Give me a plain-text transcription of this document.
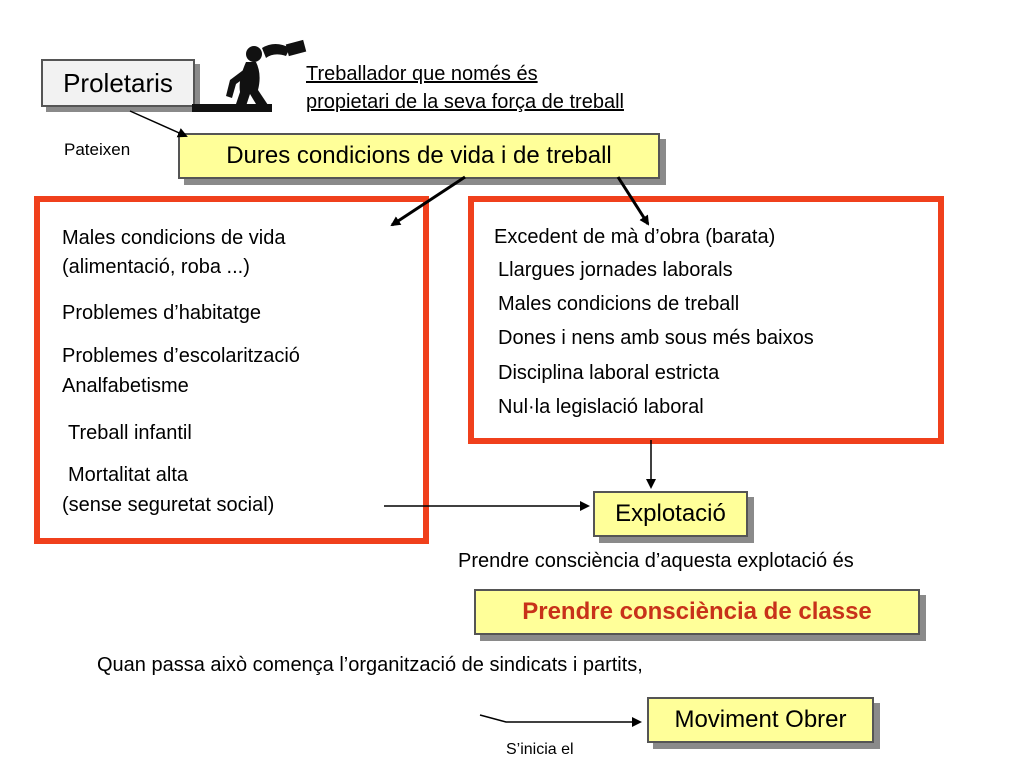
Proletaris	Treballador que només és
propietari de la seva força de treball
Pateixen	Dures condicions de vida i de treball
Males condicions de vida
(alimentació, roba ...)
Problemes d’habitatge
Problemes d’escolarització
Analfabetisme
Treball infantil
Mortalitat alta
(sense seguretat social)
Excedent de mà d’obra (barata)
Llargues jornades laborals
Males condicions de treball
Dones i nens amb sous més baixos
Disciplina laboral estricta
Nul·la legislació laboral
Explotació
Prendre consciència d’aquesta explotació és
Prendre consciència de classe
Quan passa això comença l’organització de sindicats i partits,
Moviment Obrer
S’inicia el
